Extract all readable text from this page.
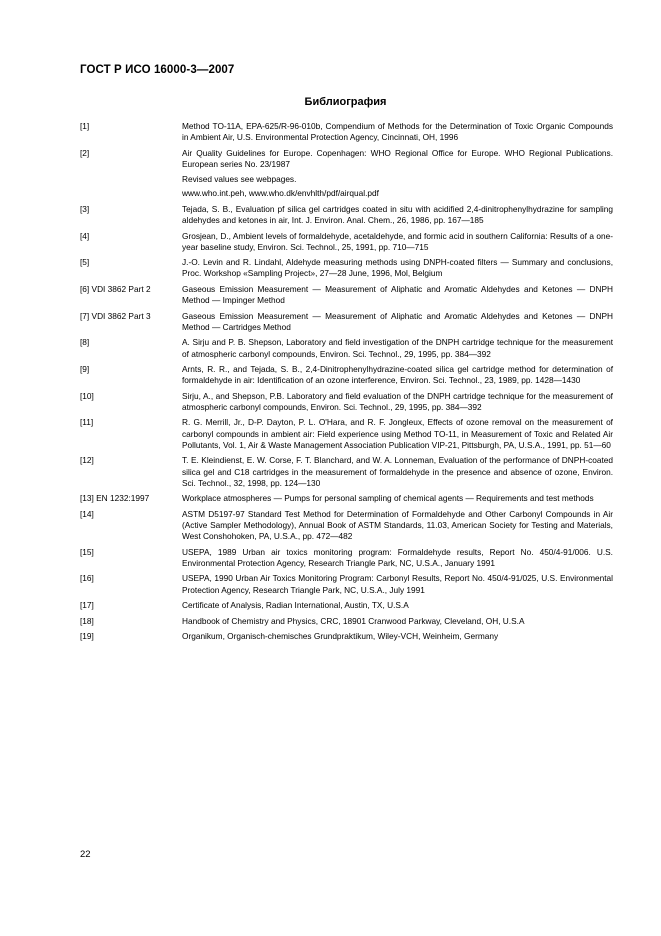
ГОСТ Р ИСО 16000-3—2007
Библиография
[1]	Method TO-11A, EPA-625/R-96-010b, Compendium of Methods for the Determination of Toxic Organic Compounds in Ambient Air, U.S. Environmental Protection Agency, Cincinnati, OH, 1996

[2]	Air Quality Guidelines for Europe. Copenhagen: WHO Regional Office for Europe. WHO Regional Publications. European series No. 23/1987

Revised values see webpages.

www.who.int.peh, www.who.dk/envhlth/pdf/airqual.pdf

[3]	Tejada, S. B., Evaluation pf silica gel cartridges coated in situ with acidified 2,4-dinitrophenylhydrazine for sampling aldehydes and ketones in air, Int. J. Environ. Anal. Chem., 26, 1986, pp. 167—185

[4]	Grosjean, D., Ambient levels of formaldehyde, acetaldehyde, and formic acid in southern California: Results of a one-year baseline study, Environ. Sci. Technol., 25, 1991, pp. 710—715

[5]	J.-O. Levin and R. Lindahl, Aldehyde measuring methods using DNPH-coated filters — Summary and conclusions, Proc. Workshop «Sampling Project», 27—28 June, 1996, Mol, Belgium

[6] VDI 3862 Part 2	Gaseous Emission Measurement — Measurement of Aliphatic and Aromatic Aldehydes and Ketones — DNPH Method — Impinger Method

[7] VDI 3862 Part 3	Gaseous Emission Measurement — Measurement of Aliphatic and Aromatic Aldehydes and Ketones — DNPH Method — Cartridges Method

[8]	A. Sirju and P. B. Shepson, Laboratory and field investigation of the DNPH cartridge technique for the measurement of atmospheric carbonyl compounds, Environ. Sci. Technol., 29, 1995, pp. 384—392

[9]	Arnts, R. R., and Tejada, S. B., 2,4-Dinitrophenylhydrazine-coated silica gel cartridge method for determination of formaldehyde in air: Identification of an ozone interference, Environ. Sci. Technol., 23, 1989, pp. 1428—1430

[10]	Sirju, A., and Shepson, P.B. Laboratory and field evaluation of the DNPH cartridge technique for the measurement of atmospheric carbonyl compounds, Environ. Sci. Technol., 29, 1995, pp. 384—392

[11]	R. G. Merrill, Jr., D-P. Dayton, P. L. O'Hara, and R. F. Jongleux, Effects of ozone removal on the measurement of carbonyl compounds in ambient air: Field experience using Method TO-11, in Measurement of Toxic and Related Air Pollutants, Vol. 1, Air & Waste Management Association Publication VIP-21, Pittsburgh, PA, U.S.A., 1991, pp. 51—60

[12]	T. E. Kleindienst, E. W. Corse, F. T. Blanchard, and W. A. Lonneman, Evaluation of the performance of DNPH-coated silica gel and C18 cartridges in the measurement of formaldehyde in the presence and absence of ozone, Environ. Sci. Technol., 32, 1998, pp. 124—130

[13] EN 1232:1997	Workplace atmospheres — Pumps for personal sampling of chemical agents — Requirements and test methods

[14]	ASTM D5197-97 Standard Test Method for Determination of Formaldehyde and Other Carbonyl Compounds in Air (Active Sampler Methodology), Annual Book of ASTM Standards, 11.03, American Society for Testing and Materials, West Conshohoken, PA, U.S.A., pp. 472—482

[15]	USEPA, 1989 Urban air toxics monitoring program: Formaldehyde results, Report No. 450/4-91/006. U.S. Environmental Protection Agency, Research Triangle Park, NC, U.S.A., January 1991

[16]	USEPA, 1990 Urban Air Toxics Monitoring Program: Carbonyl Results, Report No. 450/4-91/025, U.S. Environmental Protection Agency, Research Triangle Park, NC, U.S.A., July 1991

[17]	Certificate of Analysis, Radian International, Austin, TX, U.S.A

[18]	Handbook of Chemistry and Physics, CRC, 18901 Cranwood Parkway, Cleveland, OH, U.S.A

[19]	Organikum, Organisch-chemisches Grundpraktikum, Wiley-VCH, Weinheim, Germany

22
